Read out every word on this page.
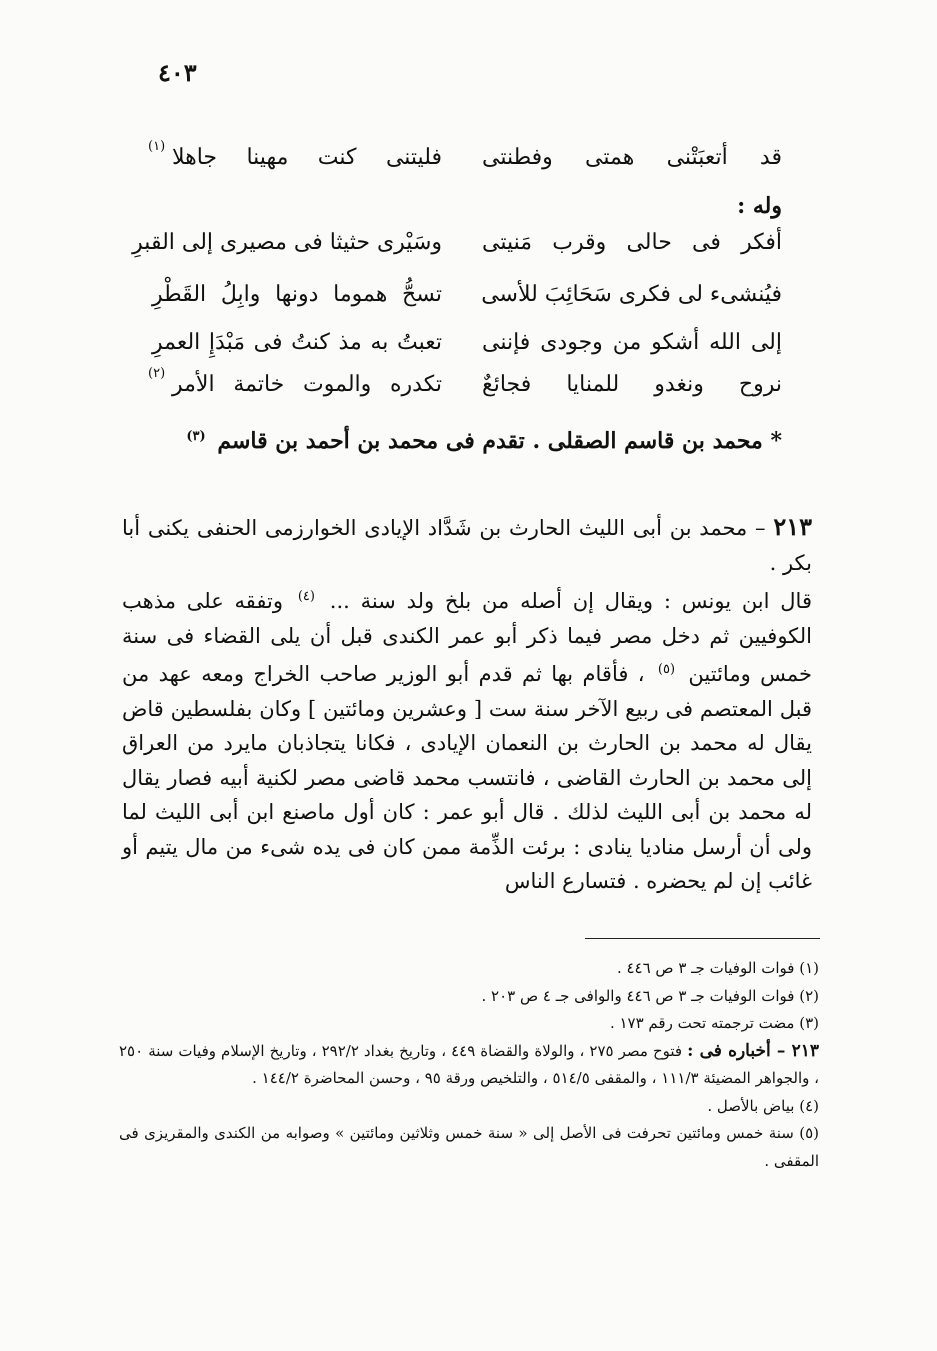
٤٠٣
قد أتعبَتْنى همتى وفطنتى
فليتنى كنت مهينا جاهلا
(١)
وله :
أفكر فى حالى وقرب مَنيتى
وسَيْرى حثيثا فى مصيرى إلى القبرِ
فيُنشىء لى فكرى سَحَائِبَ للأسى
تسحُّ هموما دونها وابِلُ القَطْرِ
إلى الله أشكو من وجودى فإننى
تعبتُ به مذ كنتُ فى مَبْدَإِ العمرِ
نروح ونغدو للمنايا فجائعٌ
تكدره والموت خاتمة الأمر
(٢)
* محمد بن قاسم الصقلى . تقدم فى محمد بن أحمد بن قاسم $^{(٣)}$

٢١٣ – محمد بن أبى الليث الحارث بن شَدَّاد الإيادى الخوارزمى الحنفى يكنى أبا بكر .

قال ابن يونس : ويقال إن أصله من بلخ ولد سنة ... $^{(٤)}$ وتفقه على مذهب الكوفيين ثم دخل مصر فيما ذكر أبو عمر الكندى قبل أن يلى القضاء فى سنة خمس ومائتين $^{(٥)}$ ، فأقام بها ثم قدم أبو الوزير صاحب الخراج ومعه عهد من قبل المعتصم فى ربيع الآخر سنة ست [ وعشرين ومائتين ] وكان بفلسطين قاض يقال له محمد بن الحارث بن النعمان الإيادى ، فكانا يتجاذبان مايرد من العراق إلى محمد بن الحارث القاضى ، فانتسب محمد قاضى مصر لكنية أبيه فصار يقال له محمد بن أبى الليث لذلك . قال أبو عمر : كان أول ماصنع ابن أبى الليث لما ولى أن أرسل مناديا ينادى : برئت الذِّمة ممن كان فى يده شىء من مال يتيم أو غائب إن لم يحضره . فتسارع الناس

(١) فوات الوفيات جـ ٣ ص ٤٤٦ .

(٢) فوات الوفيات جـ ٣ ص ٤٤٦ والوافى جـ ٤ ص ٢٠٣ .

(٣) مضت ترجمته تحت رقم ١٧٣ .

٢١٣ – أخباره فى : فتوح مصر ٢٧٥ ، والولاة والقضاة ٤٤٩ ، وتاريخ بغداد ٢٩٢/٢ ، وتاريخ الإسلام وفيات سنة ٢٥٠ ، والجواهر المضيئة ١١١/٣ ، والمقفى ٥١٤/٥ ، والتلخيص ورقة ٩٥ ، وحسن المحاضرة ١٤٤/٢ .

(٤) بياض بالأصل .

(٥) سنة خمس ومائتين تحرفت فى الأصل إلى « سنة خمس وثلاثين ومائتين » وصوابه من الكندى والمقريزى فى المقفى .
